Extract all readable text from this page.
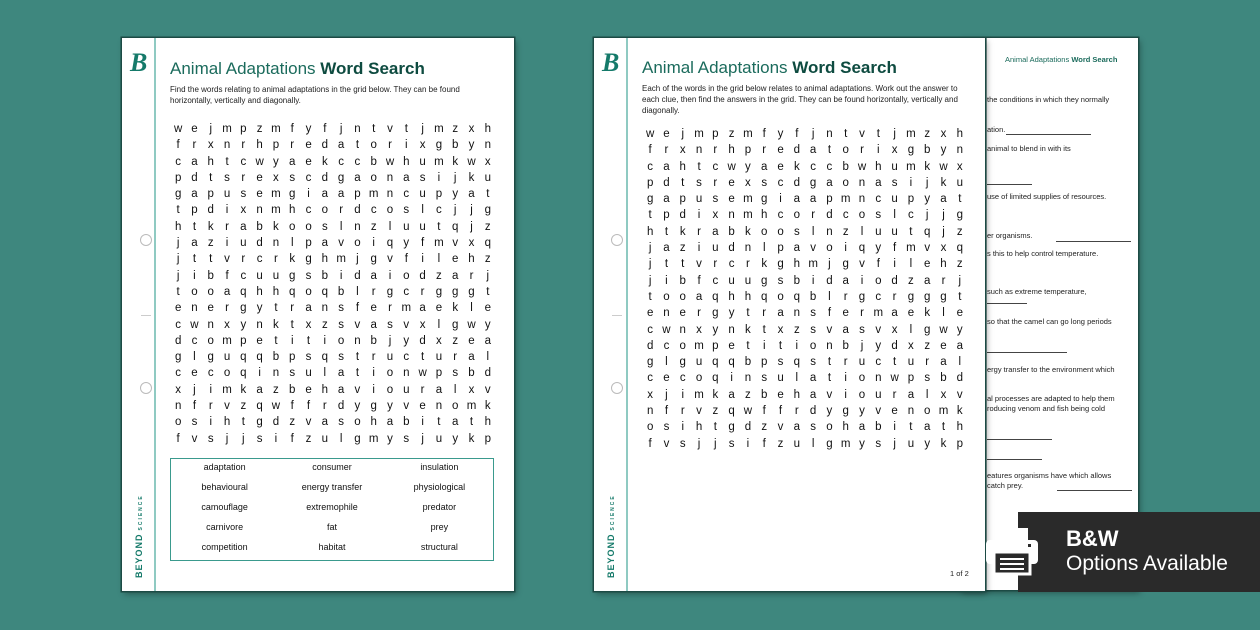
B Animal Adaptations Word Search
Find the words relating to animal adaptations in the grid below. They can be found horizontally, vertically and diagonally.
w e	j m p z m f	y	f	j	n	t	v	t	j m z x h
f	r	x n r h p r e d a	t o r	i	x g b y n
c a h	t	c w y a e k c c b w h u m k w x
p d	t	s	r e x s c d g a o n a s	i	j	k u
g a p u s e m g	i	a a p m n c u p y a	t
t p d	i	x n m h c o r d c o s	l	c	j	j	g
h	t	k	r a b k o o s	l	n z	l	u u	t q	j	z
j	a z	i	u d n	l	p a v o	i	q y	f m v x q
j	t	t	v	r	c	r	k g h m j	g v	f	i	l	e h z
j	i	b	f	c u u g s b	i	d a	i	o d z a r	j
t o o a q h h q o q b	l	r g c	r g g g	t
e n e r g y	t	r a n s	f e r m a e k	l	e
c w n x y n k	t	x z s v a s v x	l	g w y
d c o m p e	t	i	t	i	o n b	j	y d x z e a
g	l	g u q q b p s q s	t	r u c	t u r a	l
c e c o q	i	n s u	l	a	t	i	o n w p s b d
x	j	i m k a z b e h a v	i	o u r a	l	x v
n	f	r	v z q w f	f	r d y g y v e n o m k
o s	i	h	t g d z v a s o h a b	i	t a	t h
f	v s	j	j	s	i	f	z u	l	g m y s	j	u y k p
BEYONDSCIENCE
adaptation	consumer	insulation
behavioural	energy transfer	physiological
camouflage	extremophile	predator
carnivore	fat	prey
competition	habitat	structural
Animal Adaptations Word Search
the conditions in which they normally
ation.
animal to blend in with its
use of limited supplies of resources.
er organisms.
s this to help control temperature.
such as extreme temperature,
so that the camel can go long periods
ergy transfer to the environment which
al processes are adapted to help them
roducing venom and fish being cold
eatures organisms have which allows
catch prey.
B Animal Adaptations Word Search
Each of the words in the grid below relates to animal adaptations. Work out the answer to each clue, then find the answers in the grid. They can be found horizontally, vertically and diagonally.
w e	j m p z m f	y	f	j	n	t	v	t	j m z x h
f	r	x n r h p r e d a	t o r	i	x g b y n
c a h	t	c w y a e k c c b w h u m k w x
p d	t	s	r e x s c d g a o n a s	i	j	k u
g a p u s e m g	i	a a p m n c u p y a	t
t p d	i	x n m h c o r d c o s	l	c	j	j	g
h	t	k	r a b k o o s	l	n z	l	u u	t q	j	z
j	a z	i	u d n	l	p a v o	i	q y	f m v x q
j	t	t	v	r	c	r	k g h m j	g v	f	i	l	e h z
j	i	b	f	c u u g s b	i	d a	i	o d z a r	j
t o o a q h h q o q b	l	r g c	r g g g	t
e n e r g y	t	r a n s	f e r m a e k	l	e
c w n x y n k	t	x z s v a s v x	l	g w y
d c o m p e	t	i	t	i	o n b	j	y d x z e a
g	l	g u q q b p s q s	t	r u c	t u r a	l
c e c o q	i	n s u	l	a	t	i	o n w p s b d
x	j	i m k a z b e h a v	i	o u r a	l	x v
n	f	r	v z q w f	f	r d y g y v e n o m k
o s	i	h	t g d z v a s o h a b	i	t a	t h
f	v s	j	j	s	i	f	z u	l	g m y s	j	u y k p
BEYONDSCIENCE
1 of 2
B&W
Options Available
